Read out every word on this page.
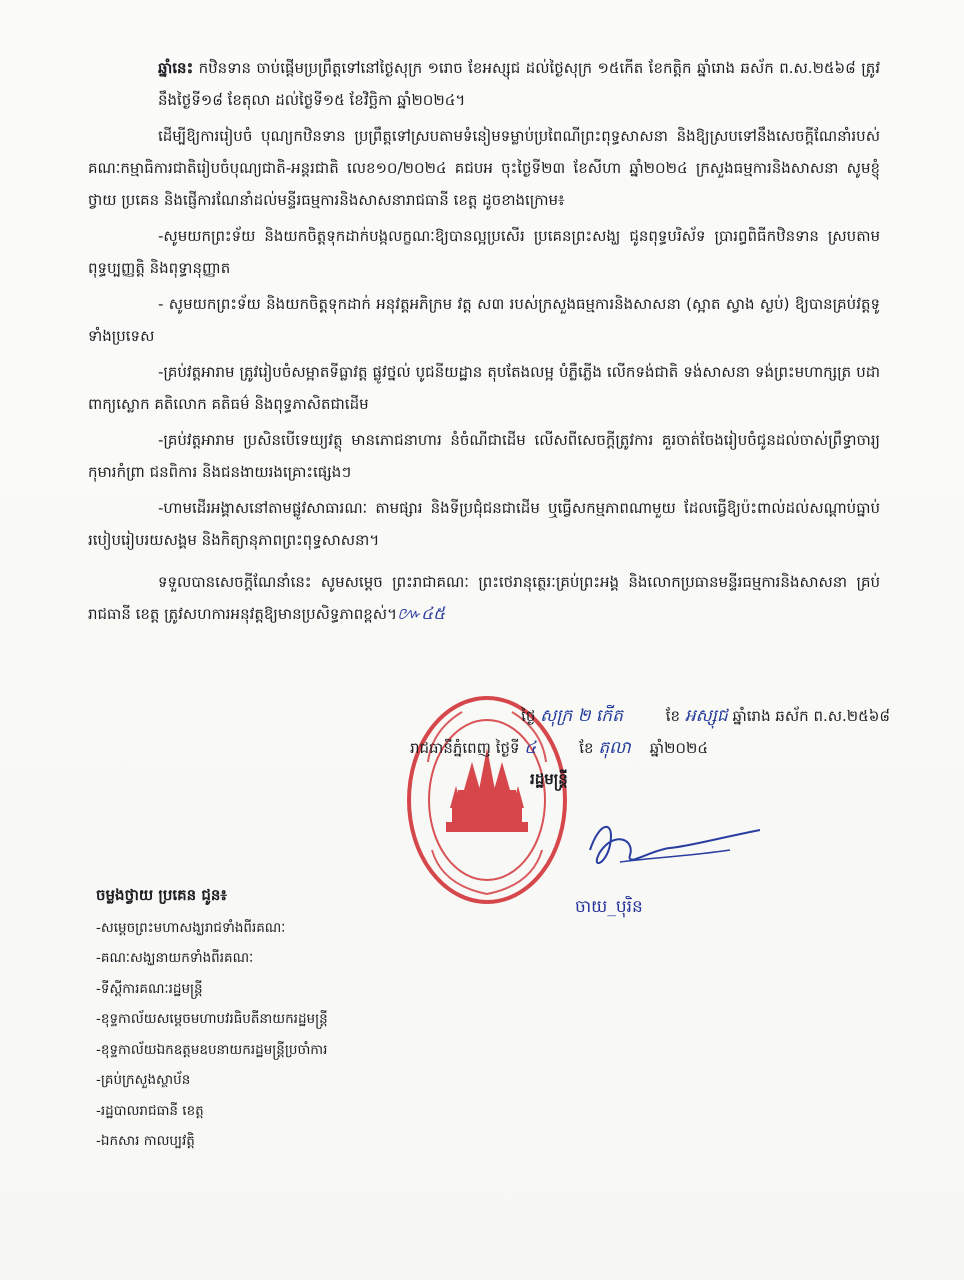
ឆ្នាំនេះ កឋិនទាន ចាប់ផ្តើមប្រព្រឹត្តទៅនៅថ្ងៃសុក្រ ១រោច ខែអស្សុជ ដល់ថ្ងៃសុក្រ ១៥កើត ខែកត្តិក ឆ្នាំរោង ឆស័ក ព.ស.២៥៦៨ ត្រូវនឹងថ្ងៃទី១៨ ខែតុលា ដល់ថ្ងៃទី១៥ ខែវិច្ឆិកា ឆ្នាំ២០២៤។

ដើម្បីឱ្យការរៀបចំ បុណ្យកឋិនទាន ប្រព្រឹត្តទៅស្របតាមទំនៀមទម្លាប់ប្រពៃណីព្រះពុទ្ធសាសនា និងឱ្យស្របទៅនឹងសេចក្តីណែនាំរបស់គណៈកម្មាធិការជាតិរៀបចំបុណ្យជាតិ-អន្តរជាតិ លេខ១០/២០២៤ គជបអ ចុះថ្ងៃទី២៣ ខែសីហា ឆ្នាំ២០២៤ ក្រសួងធម្មការនិងសាសនា សូមខ្ញុំថ្វាយ ប្រគេន និងផ្ញើការណែនាំដល់មន្ទីរធម្មការនិងសាសនារាជធានី ខេត្ត ដូចខាងក្រោម៖

-សូមយកព្រះទ័យ និងយកចិត្តទុកដាក់បង្កលក្ខណៈឱ្យបានល្អប្រសើរ ប្រគេនព្រះសង្ឃ ជូនពុទ្ធបរិស័ទ ប្រារព្ធពិធីកឋិនទាន ស្របតាមពុទ្ធប្បញ្ញត្តិ និងពុទ្ធានុញ្ញាត

- សូមយកព្រះទ័យ និងយកចិត្តទុកដាក់ អនុវត្តអភិក្រម វត្ត ស៣ របស់ក្រសួងធម្មការនិងសាសនា (ស្អាត ស្វាង ស្ងប់) ឱ្យបានគ្រប់វត្តទូទាំងប្រទេស

-គ្រប់វត្តអារាម ត្រូវរៀបចំសម្អាតទីធ្លាវត្ត ផ្លូវថ្នល់ បូជនីយដ្ឋាន តុបតែងលម្អ បំភ្លឺភ្លើង លើកទង់ជាតិ ទង់សាសនា ទង់ព្រះមហាក្សត្រ បដាពាក្យស្លោក គតិលោក គតិធម៌ និងពុទ្ធភាសិតជាដើម

-គ្រប់វត្តអារាម ប្រសិនបើទេយ្យវត្ថុ មានភោជនាហារ នំចំណីជាដើម លើសពីសេចក្តីត្រូវការ គួរចាត់ចែងរៀបចំជូនដល់ចាស់ព្រឹទ្ធាចារ្យ កុមារកំព្រា ជនពិការ និងជនងាយរងគ្រោះផ្សេងៗ

-ហាមដើរអង្គាសនៅតាមផ្លូវសាធារណៈ តាមផ្សារ និងទីប្រជុំជនជាដើម ឬធ្វើសកម្មភាពណាមួយ ដែលធ្វើឱ្យប៉ះពាល់ដល់សណ្តាប់ធ្នាប់ របៀបរៀបរយសង្គម និងកិត្យានុភាពព្រះពុទ្ធសាសនា។

ទទួលបានសេចក្តីណែនាំនេះ សូមសម្តេច ព្រះរាជាគណៈ ព្រះថេរានុត្ថេរៈគ្រប់ព្រះអង្គ និងលោកប្រធានមន្ទីរធម្មការនិងសាសនា គ្រប់រាជធានី ខេត្ត ត្រូវសហការអនុវត្តឱ្យមានប្រសិទ្ធភាពខ្ពស់។៚៤៥

ថ្ងៃ សុក្រ ២ កើត	ខែ អស្សុជ ឆ្នាំរោង ឆស័ក ព.ស.២៥៦៨
រាជធានីភ្នំពេញ ថ្ងៃទី ៤	ខែ តុលា ឆ្នាំ២០២៤
រដ្ឋមន្ត្រី
ចាយ_បុរិន
ចម្លងថ្វាយ ប្រគេន ជូន៖
-សម្តេចព្រះមហាសង្ឃរាជទាំងពីរគណៈ
-គណៈសង្ឃនាយកទាំងពីរគណៈ
-ទីស្តីការគណៈរដ្ឋមន្ត្រី
-ខុទ្ទកាល័យសម្តេចមហាបវរធិបតីនាយករដ្ឋមន្ត្រី
-ខុទ្ទកាល័យឯកឧត្តមឧបនាយករដ្ឋមន្ត្រីប្រចាំការ
-គ្រប់ក្រសួងស្ថាប័ន
-រដ្ឋបាលរាជធានី ខេត្ត
-ឯកសារ កាលប្បវត្តិ
